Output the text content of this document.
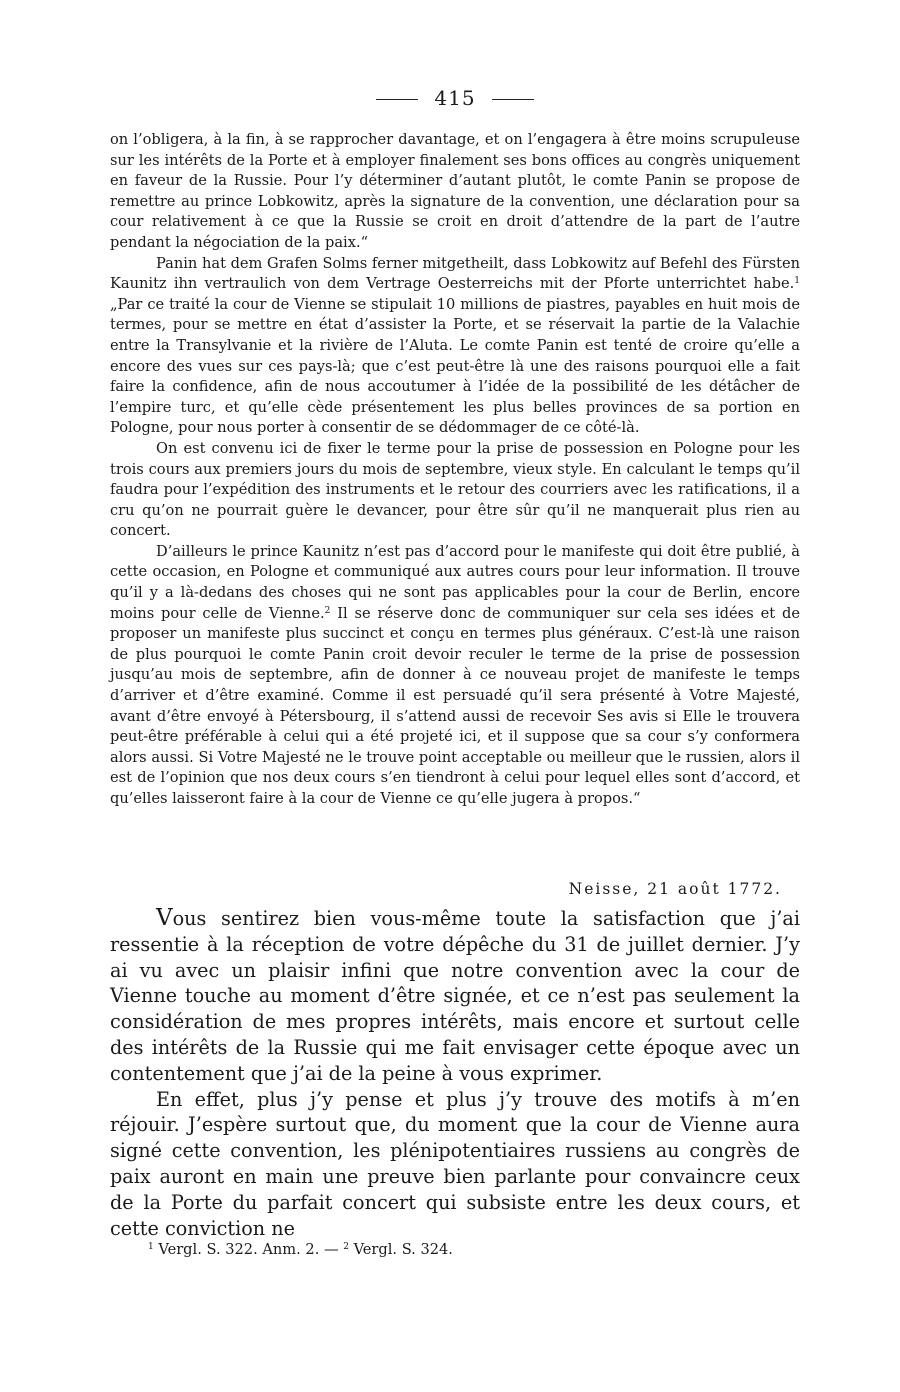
415

on l’obligera, à la fin, à se rapprocher davantage, et on l’engagera à être moins scrupuleuse sur les intérêts de la Porte et à employer finalement ses bons offices au congrès uniquement en faveur de la Russie. Pour l’y déterminer d’autant plutôt, le comte Panin se propose de remettre au prince Lobkowitz, après la signature de la convention, une déclaration pour sa cour relativement à ce que la Russie se croit en droit d’attendre de la part de l’autre pendant la négociation de la paix.“

Panin hat dem Grafen Solms ferner mitgetheilt, dass Lobkowitz auf Befehl des Fürsten Kaunitz ihn vertraulich von dem Vertrage Oesterreichs mit der Pforte unterrichtet habe.$^1$ „Par ce traité la cour de Vienne se stipulait 10 millions de piastres, payables en huit mois de termes, pour se mettre en état d’assister la Porte, et se réservait la partie de la Valachie entre la Transylvanie et la rivière de l’Aluta. Le comte Panin est tenté de croire qu’elle a encore des vues sur ces pays-là; que c’est peut-être là une des raisons pourquoi elle a fait faire la confidence, afin de nous accoutumer à l’idée de la possibilité de les détâcher de l’empire turc, et qu’elle cède présentement les plus belles provinces de sa portion en Pologne, pour nous porter à consentir de se dédommager de ce côté-là.

On est convenu ici de fixer le terme pour la prise de possession en Pologne pour les trois cours aux premiers jours du mois de septembre, vieux style. En calculant le temps qu’il faudra pour l’expédition des instruments et le retour des courriers avec les ratifications, il a cru qu’on ne pourrait guère le devancer, pour être sûr qu’il ne manquerait plus rien au concert.

D’ailleurs le prince Kaunitz n’est pas d’accord pour le manifeste qui doit être publié, à cette occasion, en Pologne et communiqué aux autres cours pour leur information. Il trouve qu’il y a là-dedans des choses qui ne sont pas applicables pour la cour de Berlin, encore moins pour celle de Vienne.$^2$ Il se réserve donc de communiquer sur cela ses idées et de proposer un manifeste plus succinct et conçu en termes plus généraux. C’est-là une raison de plus pourquoi le comte Panin croit devoir reculer le terme de la prise de possession jusqu’au mois de septembre, afin de donner à ce nouveau projet de manifeste le temps d’arriver et d’être examiné. Comme il est persuadé qu’il sera présenté à Votre Majesté, avant d’être envoyé à Pétersbourg, il s’attend aussi de recevoir Ses avis si Elle le trouvera peut-être préférable à celui qui a été projeté ici, et il suppose que sa cour s’y conformera alors aussi. Si Votre Majesté ne le trouve point acceptable ou meilleur que le russien, alors il est de l’opinion que nos deux cours s’en tiendront à celui pour lequel elles sont d’accord, et qu’elles laisseront faire à la cour de Vienne ce qu’elle jugera à propos.“

Neisse, 21 août 1772.

Vous sentirez bien vous-même toute la satisfaction que j’ai ressentie à la réception de votre dépêche du 31 de juillet dernier. J’y ai vu avec un plaisir infini que notre convention avec la cour de Vienne touche au moment d’être signée, et ce n’est pas seulement la considération de mes propres intérêts, mais encore et surtout celle des intérêts de la Russie qui me fait envisager cette époque avec un contentement que j’ai de la peine à vous exprimer.

En effet, plus j’y pense et plus j’y trouve des motifs à m’en réjouir. J’espère surtout que, du moment que la cour de Vienne aura signé cette convention, les plénipotentiaires russiens au congrès de paix auront en main une preuve bien parlante pour convaincre ceux de la Porte du parfait concert qui subsiste entre les deux cours, et cette conviction ne

$^1$ Vergl. S. 322. Anm. 2. — $^2$ Vergl. S. 324.
